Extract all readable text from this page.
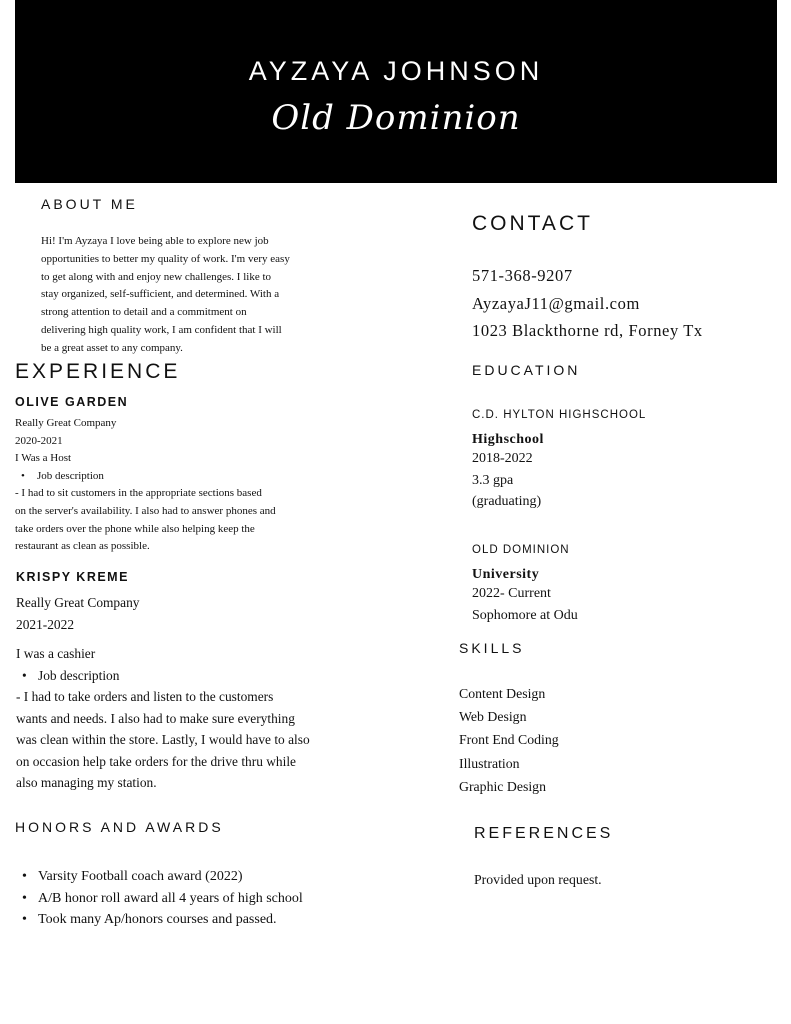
AYZAYA JOHNSON
Old Dominion
ABOUT ME
Hi! I'm Ayzaya I love being able to explore new job
opportunities to better my quality of work. I'm very easy
to get along with and enjoy new challenges. I like to
stay organized, self-sufficient, and determined. With a
strong attention to detail and a commitment on
delivering high quality work, I am confident that I will
be a great asset to any company.
EXPERIENCE
OLIVE GARDEN
Really Great Company
2020-2021
I Was a Host
• Job description
- I had to sit customers in the appropriate sections based
on the server's availability. I also had to answer phones and
take orders over the phone while also helping keep the
restaurant as clean as possible.
KRISPY KREME
Really Great Company
2021-2022
I was a cashier
• Job description
- I had to take orders and listen to the customers
wants and needs. I also had to make sure everything
was clean within the store. Lastly, I would have to also
on occasion help take orders for the drive thru while
also managing my station.
HONORS AND AWARDS
• Varsity Football coach award (2022)
• A/B honor roll award all 4 years of high school
• Took many Ap/honors courses and passed.
CONTACT
571-368-9207
AyzayaJ11@gmail.com
1023 Blackthorne rd, Forney Tx
EDUCATION
C.D. HYLTON HIGHSCHOOL
Highschool
2018-2022
3.3 gpa
(graduating)
OLD DOMINION
University
2022- Current
Sophomore at Odu
SKILLS
Content Design
Web Design
Front End Coding
Illustration
Graphic Design
REFERENCES
Provided upon request.
